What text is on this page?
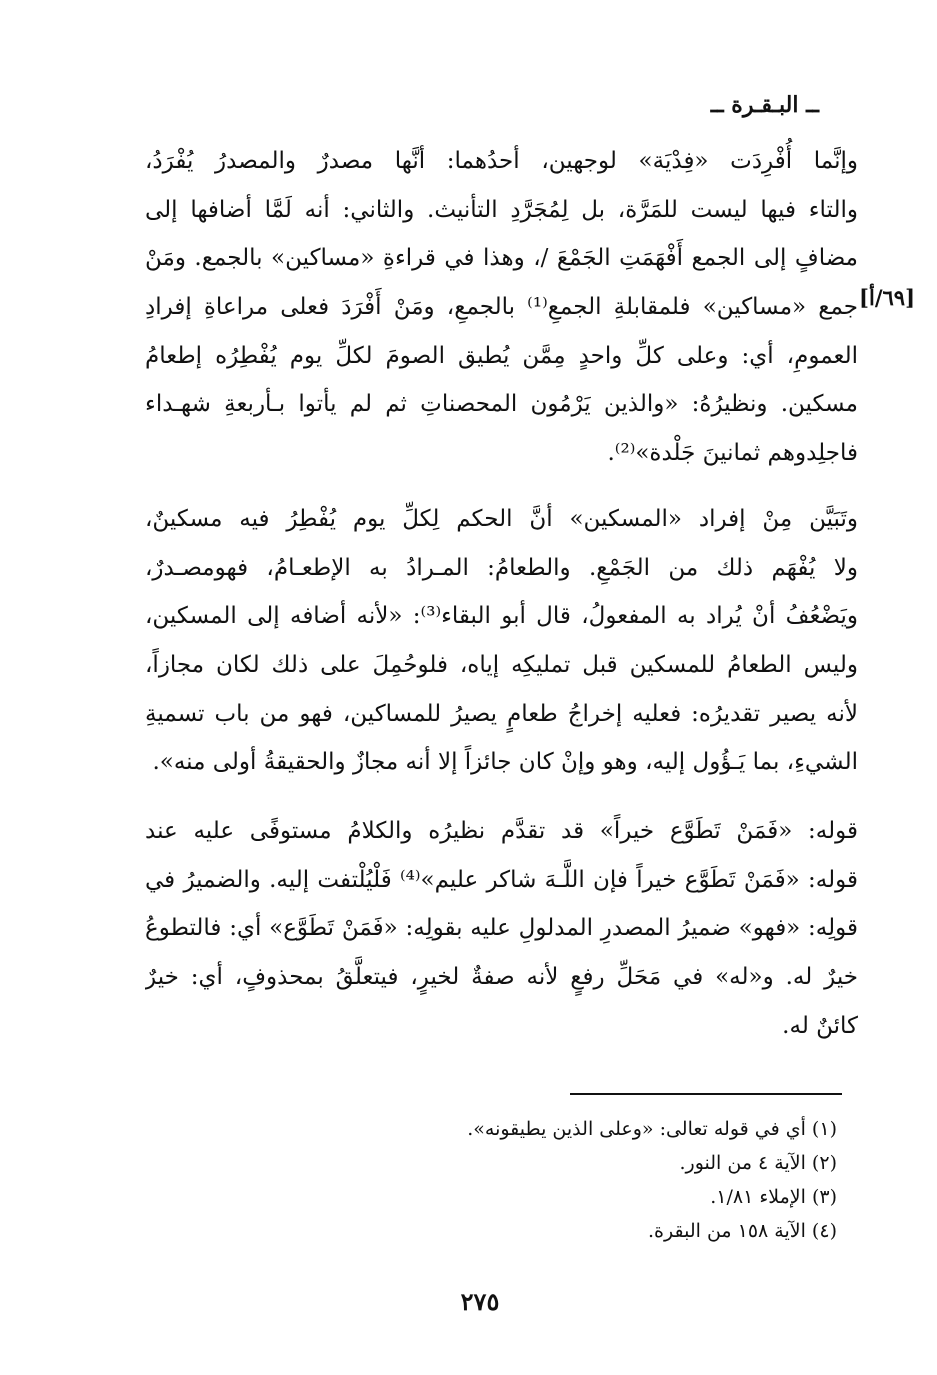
ــ البـقـرة ــ
[٦٩/أ]
وإنَّما أُفْرِدَت «فِدْيَة» لوجهين، أحدُهما: أنَّها مصدرٌ والمصدرُ يُفْرَدُ،
والتاء فيها ليست للمَرَّة، بل لِمُجَرَّدِ التأنيث. والثاني: أنه لَمَّا أضافها إلى
مضافٍ إلى الجمع أَفْهَمَتِ الجَمْعَ /، وهذا في قراءةِ «مساكين» بالجمع. ومَنْ
جمع «مساكين» فلمقابلةِ الجمعِ⁽¹⁾ بالجمعِ، ومَنْ أَفْرَدَ فعلى مراعاةِ إفرادِ
العمومِ، أي: وعلى كلِّ واحدٍ مِمَّن يُطيق الصومَ لكلِّ يوم يُفْطِرُه إطعامُ
مسكين. ونظيرُهُ: «والذين يَرْمُون المحصناتِ ثم لم يأتوا بـأربعةِ شهـداء
فاجلِدوهم ثمانينَ جَلْدة»⁽²⁾.
وتَبَيَّن مِنْ إفراد «المسكين» أنَّ الحكم لِكلِّ يوم يُفْطِرُ فيه مسكينٌ،
ولا يُفْهَم ذلك من الجَمْعِ. والطعامُ: المـرادُ به الإطعـامُ، فهومصـدرٌ،
ويَضْعُفُ أنْ يُراد به المفعولُ، قال أبو البقاء⁽³⁾: «لأنه أضافه إلى المسكين،
وليس الطعامُ للمسكين قبل تمليكِه إياه، فلوحُمِلَ على ذلك لكان مجازاً،
لأنه يصير تقديرُه: فعليه إخراجُ طعامٍ يصيرُ للمساكين، فهو من باب تسميةِ
الشيءِ، بما يَـؤُول إليه، وهو وإنْ كان جائزاً إلا أنه مجازٌ والحقيقةُ أولى منه».
قوله: «فَمَنْ تَطَوَّع خيراً» قد تقدَّم نظيرُه والكلامُ مستوفًى عليه عند
قوله: «فَمَنْ تَطَوَّع خيراً فإن اللَّـهَ شاكر عليم»⁽⁴⁾ فَلْيُلْتفت إليه. والضميرُ في
قولِه: «فهو» ضميرُ المصدرِ المدلولِ عليه بقولِه: «فَمَنْ تَطَوَّع» أي: فالتطوعُ
خيرٌ له. و«له» في مَحَلِّ رفعٍ لأنه صفةٌ لخيرٍ، فيتعلَّقُ بمحذوفٍ، أي: خيرٌ
كائنٌ له.
(١) أي في قوله تعالى: «وعلى الذين يطيقونه».
(٢) الآية ٤ من النور.
(٣) الإملاء ١/٨١.
(٤) الآية ١٥٨ من البقرة.
٢٧٥
